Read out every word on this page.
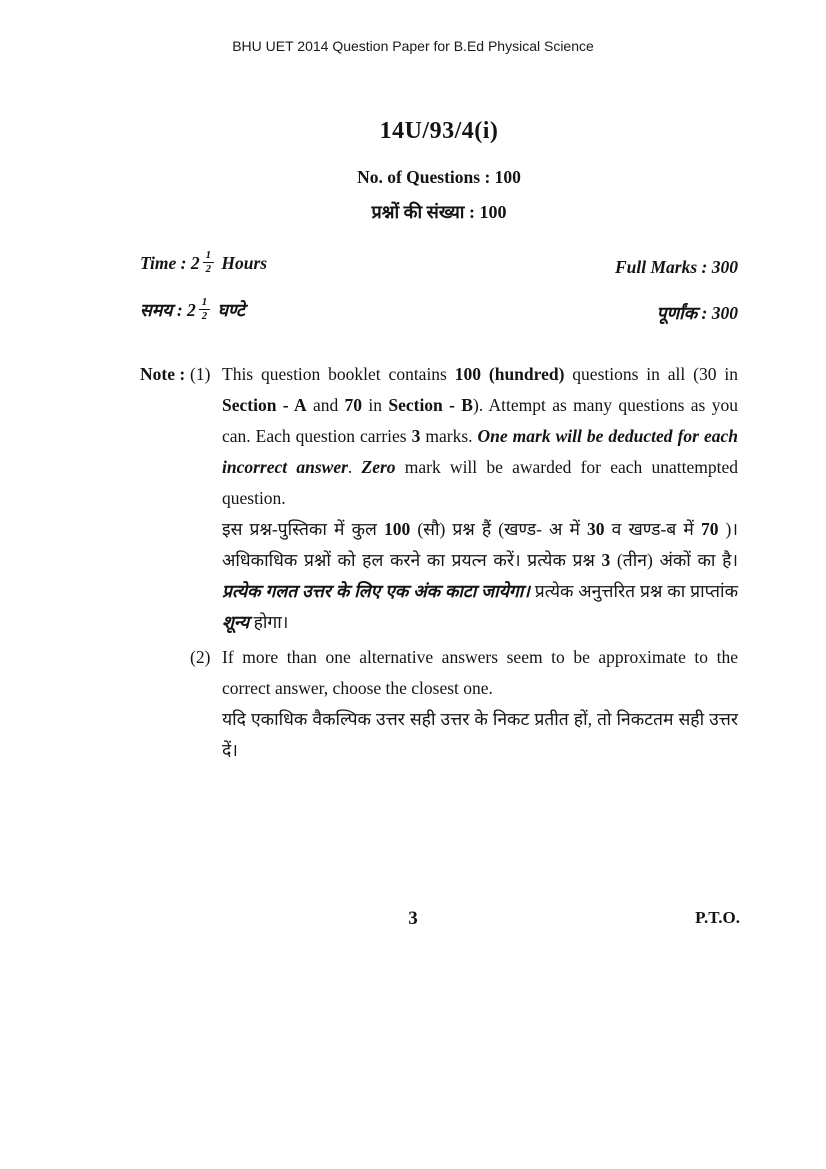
BHU UET 2014 Question Paper for B.Ed Physical Science
14U/93/4(i)
No. of Questions : 100
प्रश्नों की संख्या : 100
Time : $2 \frac{1}{2}$ Hours	Full Marks : 300
समय : $2 \frac{1}{2}$ घण्टे	पूर्णांक : 300
Note : (1) This question booklet contains 100 (hundred) questions in all (30 in Section - A and 70 in Section - B). Attempt as many questions as you can. Each question carries 3 marks. One mark will be deducted for each incorrect answer. Zero mark will be awarded for each unattempted question.

इस प्रश्न-पुस्तिका में कुल 100 (सौ) प्रश्न हैं (खण्ड- अ में 30 व खण्ड-ब में 70 )। अधिकाधिक प्रश्नों को हल करने का प्रयत्न करें। प्रत्येक प्रश्न 3 (तीन) अंकों का है। प्रत्येक गलत उत्तर के लिए एक अंक काटा जायेगा। प्रत्येक अनुत्तरित प्रश्न का प्राप्तांक शून्य होगा।

(2) If more than one alternative answers seem to be approximate to the correct answer, choose the closest one.

यदि एकाधिक वैकल्पिक उत्तर सही उत्तर के निकट प्रतीत हों, तो निकटतम सही उत्तर दें।

3	P.T.O.
